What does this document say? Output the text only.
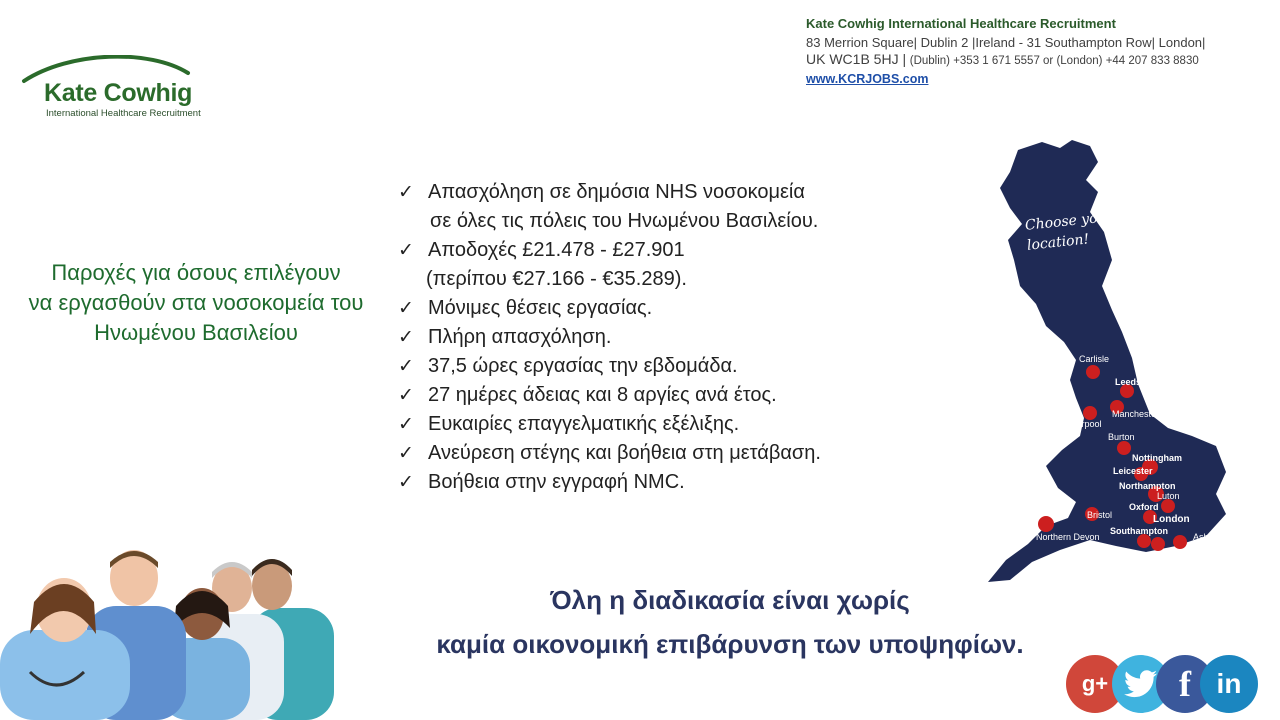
Kate Cowhig
International Healthcare Recruitment
Kate Cowhig International Healthcare Recruitment
83 Merrion Square| Dublin 2 |Ireland - 31 Southampton Row| London|
UK WC1B 5HJ | (Dublin) +353 1 671 5557 or (London) +44 207 833 8830
www.KCRJOBS.com
Παροχές για όσους επιλέγουν
να εργασθούν στα νοσοκομεία του
Ηνωμένου Βασιλείου
✓ Απασχόληση σε δημόσια NHS νοσοκομεία
σε όλες τις πόλεις του Ηνωμένου Βασιλείου.
✓ Αποδοχές £21.478 - £27.901
(περίπου €27.166 - €35.289).
✓ Μόνιμες θέσεις εργασίας.
✓ Πλήρη απασχόληση.
✓ 37,5 ώρες εργασίας την εβδομάδα.
✓ 27 ημέρες άδειας και 8 αργίες ανά έτος.
✓ Ευκαιρίες επαγγελματικής εξέλιξης.
✓ Ανεύρεση στέγης και βοήθεια στη μετάβαση.
✓ Βοήθεια στην εγγραφή NMC.
Όλη η διαδικασία είναι χωρίς
καμία οικονομική επιβάρυνση των υποψηφίων.
Choose your preferred
location!
Carlisle
Leeds
Manchester
Liverpool
Burton
Nottingham
Leicester
Northampton
Luton
Oxford
London
Bristol
Southampton
Ashford
Northern Devon
Portsmouth Brighton
g+	f in
